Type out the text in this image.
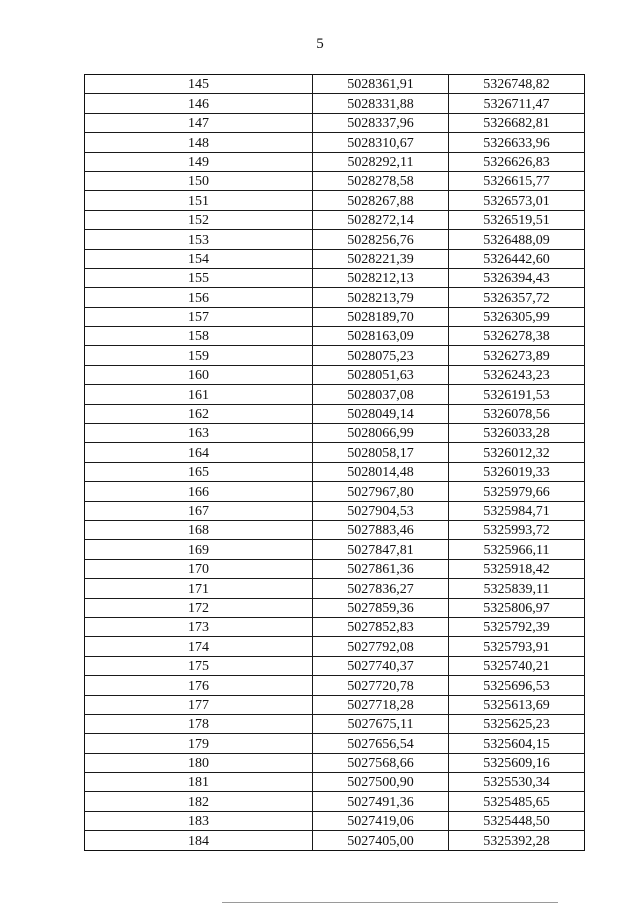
5
145	5028361,91	5326748,82
146	5028331,88	5326711,47
147	5028337,96	5326682,81
148	5028310,67	5326633,96
149	5028292,11	5326626,83
150	5028278,58	5326615,77
151	5028267,88	5326573,01
152	5028272,14	5326519,51
153	5028256,76	5326488,09
154	5028221,39	5326442,60
155	5028212,13	5326394,43
156	5028213,79	5326357,72
157	5028189,70	5326305,99
158	5028163,09	5326278,38
159	5028075,23	5326273,89
160	5028051,63	5326243,23
161	5028037,08	5326191,53
162	5028049,14	5326078,56
163	5028066,99	5326033,28
164	5028058,17	5326012,32
165	5028014,48	5326019,33
166	5027967,80	5325979,66
167	5027904,53	5325984,71
168	5027883,46	5325993,72
169	5027847,81	5325966,11
170	5027861,36	5325918,42
171	5027836,27	5325839,11
172	5027859,36	5325806,97
173	5027852,83	5325792,39
174	5027792,08	5325793,91
175	5027740,37	5325740,21
176	5027720,78	5325696,53
177	5027718,28	5325613,69
178	5027675,11	5325625,23
179	5027656,54	5325604,15
180	5027568,66	5325609,16
181	5027500,90	5325530,34
182	5027491,36	5325485,65
183	5027419,06	5325448,50
184	5027405,00	5325392,28
